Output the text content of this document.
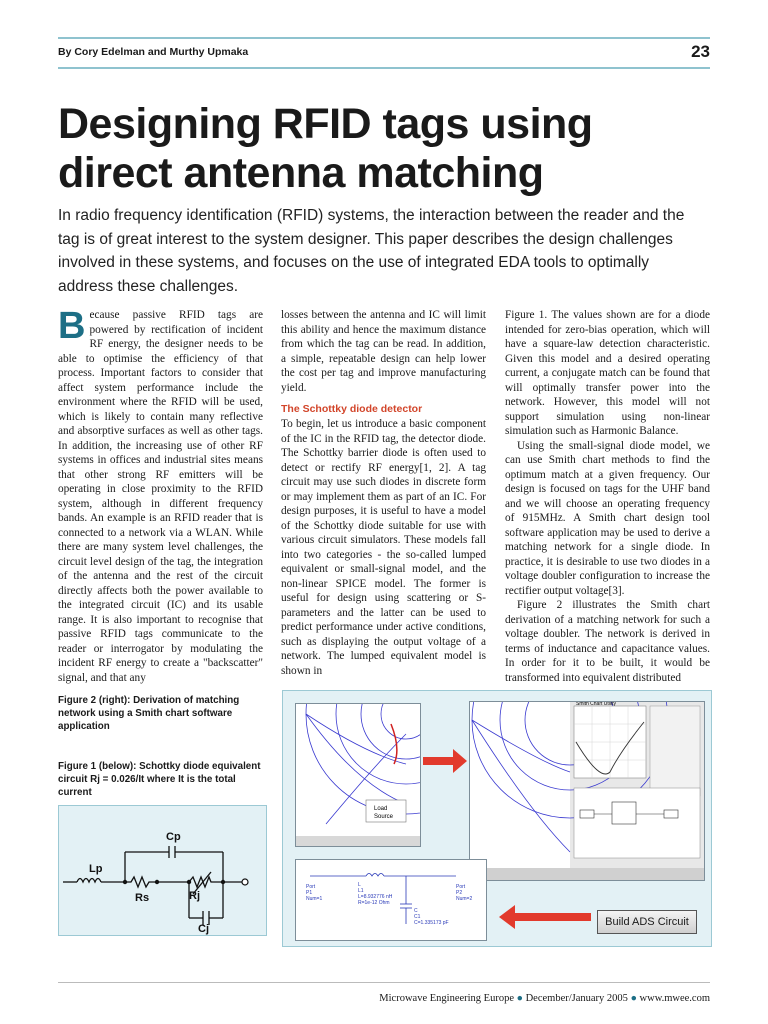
By Cory Edelman and Murthy Upmaka	23
Designing RFID tags using direct antenna matching

In radio frequency identification (RFID) systems, the interaction between the reader and the tag is of great interest to the system designer. This paper describes the design challenges involved in these systems, and focuses on the use of integrated EDA tools to optimally address these challenges.

B ecause passive RFID tags are powered by rectification of incident RF energy, the designer needs to be able to optimise the efficiency of that process. Important factors to consider that affect system performance include the environment where the RFID will be used, which is likely to contain many reflective and absorptive surfaces as well as other tags. In addition, the increasing use of other RF systems in offices and industrial sites means that other strong RF emitters will be operating in close proximity to the RFID system, although in different frequency bands. An example is an RFID reader that is connected to a network via a WLAN. While there are many system level challenges, the circuit level design of the tag, the integration of the antenna and the rest of the circuit directly affects both the power available to the integrated circuit (IC) and its usable range. It is also important to recognise that passive RFID tags communicate to the reader or interrogator by modulating the incident RF energy to create a "backscatter" signal, and that any

losses between the antenna and IC will limit this ability and hence the maximum distance from which the tag can be read. In addition, a simple, repeatable design can help lower the cost per tag and improve manufacturing yield.

The Schottky diode detector

To begin, let us introduce a basic component of the IC in the RFID tag, the detector diode. The Schottky barrier diode is often used to detect or rectify RF energy[1, 2]. A tag circuit may use such diodes in discrete form or may implement them as part of an IC. For design purposes, it is useful to have a model of the Schottky diode suitable for use with various circuit simulators. These models fall into two categories - the so-called lumped equivalent or small-signal model, and the non-linear SPICE model. The former is useful for design using scattering or S-parameters and the latter can be used to predict performance under active conditions, such as displaying the output voltage of a network. The lumped equivalent model is shown in

Figure 1. The values shown are for a diode intended for zero-bias operation, which will have a square-law detection characteristic. Given this model and a desired operating current, a conjugate match can be found that will optimally transfer power into the network. However, this model will not support simulation using non-linear simulation such as Harmonic Balance.

Using the small-signal diode model, we can use Smith chart methods to find the optimum match at a given frequency. Our design is focused on tags for the UHF band and we will choose an operating frequency of 915MHz. A Smith chart design tool software application may be used to derive a matching network for a single diode. In practice, it is desirable to use two diodes in a voltage doubler configuration to increase the rectifier output voltage[3].

Figure 2 illustrates the Smith chart derivation of a matching network for such a voltage doubler. The network is derived in terms of inductance and capacitance values. In order for it to be built, it would be transformed into equivalent distributed

Figure 2 (right): Derivation of matching network using a Smith chart software application
Figure 1 (below): Schottky diode equivalent circuit Rj = 0.026/It where It is the total current
Lp
Cp
Rs	Rj
Cj
Load
Source
Smith Chart Utility
Port
P1
Num=1
L
L1
L=8.932776 nH
R=1e-12 Ohm
C
C1
C=1.335173 pF
Port
P2
Num=2
Build ADS Circuit
Microwave Engineering Europe ● December/January 2005 ● www.mwee.com
